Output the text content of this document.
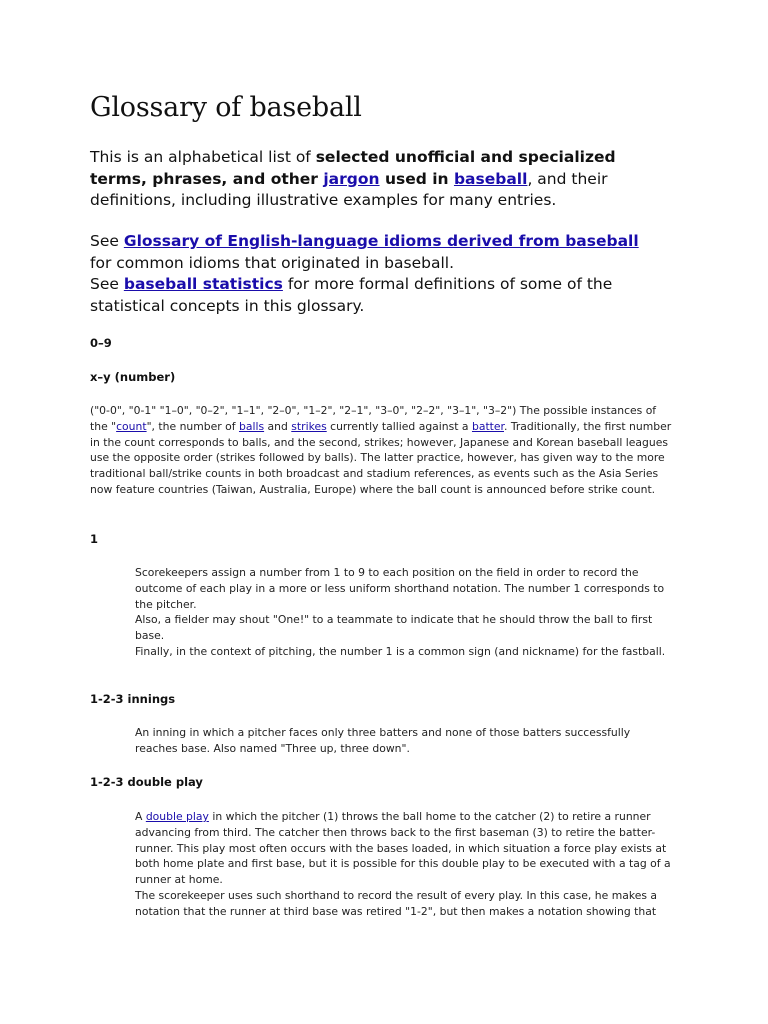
Glossary of baseball

This is an alphabetical list of selected unofficial and specialized terms, phrases, and other jargon used in baseball, and their definitions, including illustrative examples for many entries.

See Glossary of English-language idioms derived from baseball for common idioms that originated in baseball.
See baseball statistics for more formal definitions of some of the statistical concepts in this glossary.

0–9
x–y (number)
("0-0", "0-1" "1–0", "0–2", "1–1", "2–0", "1–2", "2–1", "3–0", "2–2", "3–1", "3–2") The possible instances of the "count", the number of balls and strikes currently tallied against a batter. Traditionally, the first number in the count corresponds to balls, and the second, strikes; however, Japanese and Korean baseball leagues use the opposite order (strikes followed by balls). The latter practice, however, has given way to the more traditional ball/strike counts in both broadcast and stadium references, as events such as the Asia Series now feature countries (Taiwan, Australia, Europe) where the ball count is announced before strike count.
1

Scorekeepers assign a number from 1 to 9 to each position on the field in order to record the outcome of each play in a more or less uniform shorthand notation. The number 1 corresponds to the pitcher.

Also, a fielder may shout "One!" to a teammate to indicate that he should throw the ball to first base.

Finally, in the context of pitching, the number 1 is a common sign (and nickname) for the fastball.

1-2-3 innings
An inning in which a pitcher faces only three batters and none of those batters successfully reaches base. Also named "Three up, three down".
1-2-3 double play

A double play in which the pitcher (1) throws the ball home to the catcher (2) to retire a runner advancing from third. The catcher then throws back to the first baseman (3) to retire the batter-runner. This play most often occurs with the bases loaded, in which situation a force play exists at both home plate and first base, but it is possible for this double play to be executed with a tag of a runner at home.

The scorekeeper uses such shorthand to record the result of every play. In this case, he makes a notation that the runner at third base was retired "1-2", but then makes a notation showing that
